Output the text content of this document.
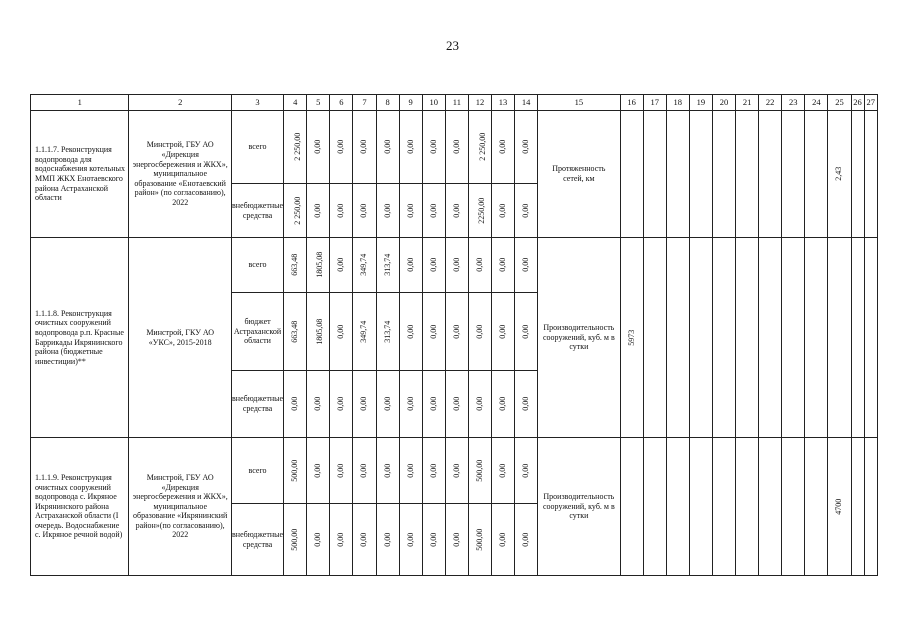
23
1	2	3	4	5	6	7	8	9	10	11	12	13	14	15	16	17	18	19	20	21	22	23	24	25	26	27
1.1.1.7. Реконструкция водопровода для водоснабжения котельных ММП ЖКХ Енотаевского района Астраханской области	Минстрой, ГБУ АО «Дирекция энергосбережения и ЖКХ», муниципальное образование «Енотаевский район» (по согласованию), 2022	всего	2 250,00	0,00	0,00	0,00	0,00	0,00	0,00	0,00	2 250,00	0,00	0,00	Протяженность сетей, км										2,43		
		внебюджетные средства	2 250,00	0,00	0,00	0,00	0,00	0,00	0,00	0,00	2250,00	0,00	0,00													
1.1.1.8. Реконструкция очистных сооружений водопровода р.п. Красные Баррикады Икрянинского района (бюджетные инвестиции)**	Минстрой, ГКУ АО «УКС», 2015-2018	всего	663,48	1805,08	0,00	349,74	313,74	0,00	0,00	0,00	0,00	0,00	0,00	Производительность сооружений, куб. м в сутки	5973											
		бюджет Астраханской области	663,48	1805,08	0,00	349,74	313,74	0,00	0,00	0,00	0,00	0,00	0,00													
		внебюджетные средства	0,00	0,00	0,00	0,00	0,00	0,00	0,00	0,00	0,00	0,00	0,00													
1.1.1.9. Реконструкция очистных сооружений водопровода с. Икряное Икрянинского района Астраханской области (I очередь. Водоснабжение с. Икряное речной водой)	Минстрой, ГБУ АО «Дирекция энергосбережения и ЖКХ», муниципальное образование «Икрянинский район»(по согласованию), 2022	всего	500,00	0,00	0,00	0,00	0,00	0,00	0,00	0,00	500,00	0,00	0,00	Производительность сооружений, куб. м в сутки										4700		
		внебюджетные средства	500,00	0,00	0,00	0,00	0,00	0,00	0,00	0,00	500,00	0,00	0,00													
